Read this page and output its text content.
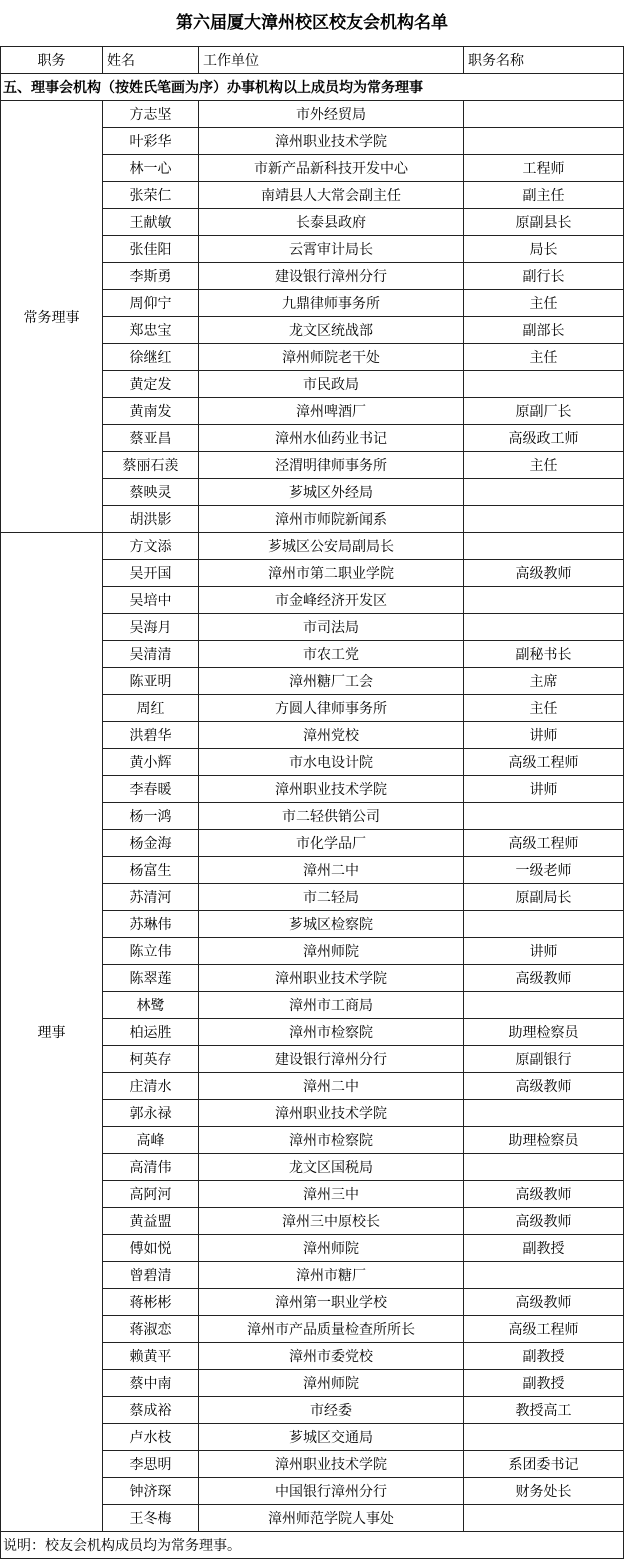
第六届厦大漳州校区校友会机构名单
职务	姓名	工作单位	职务名称
五、理事会机构（按姓氏笔画为序）办事机构以上成员均为常务理事			
常务理事	方志坚	市外经贸局	
	叶彩华	漳州职业技术学院	
	林一心	市新产品新科技开发中心	工程师
	张荣仁	南靖县人大常会副主任	副主任
	王献敏	长泰县政府	原副县长
	张佳阳	云霄审计局长	局长
	李斯勇	建设银行漳州分行	副行长
	周仰宁	九鼎律师事务所	主任
	郑忠宝	龙文区统战部	副部长
	徐继红	漳州师院老干处	主任
	黄定发	市民政局	
	黄南发	漳州啤酒厂	原副厂长
	蔡亚昌	漳州水仙药业书记	高级政工师
	蔡丽石羡	泾渭明律师事务所	主任
	蔡映灵	芗城区外经局	
	胡洪影	漳州市师院新闻系	
理事	方文添	芗城区公安局副局长	
	吴开国	漳州市第二职业学院	高级教师
	吴培中	市金峰经济开发区	
	吴海月	市司法局	
	吴清清	市农工党	副秘书长
	陈亚明	漳州糖厂工会	主席
	周红	方圆人律师事务所	主任
	洪碧华	漳州党校	讲师
	黄小辉	市水电设计院	高级工程师
	李春暖	漳州职业技术学院	讲师
	杨一鸿	市二轻供销公司	
	杨金海	市化学品厂	高级工程师
	杨富生	漳州二中	一级老师
	苏清河	市二轻局	原副局长
	苏琳伟	芗城区检察院	
	陈立伟	漳州师院	讲师
	陈翠莲	漳州职业技术学院	高级教师
	林鹭	漳州市工商局	
	柏运胜	漳州市检察院	助理检察员
	柯英存	建设银行漳州分行	原副银行
	庄清水	漳州二中	高级教师
	郭永禄	漳州职业技术学院	
	高峰	漳州市检察院	助理检察员
	高清伟	龙文区国税局	
	高阿河	漳州三中	高级教师
	黄益盟	漳州三中原校长	高级教师
	傅如悦	漳州师院	副教授
	曾碧清	漳州市糖厂	
	蒋彬彬	漳州第一职业学校	高级教师
	蒋淑恋	漳州市产品质量检查所所长	高级工程师
	赖黄平	漳州市委党校	副教授
	蔡中南	漳州师院	副教授
	蔡成裕	市经委	教授高工
	卢水枝	芗城区交通局	
	李思明	漳州职业技术学院	系团委书记
	钟济琛	中国银行漳州分行	财务处长
	王冬梅	漳州师范学院人事处	
说明：校友会机构成员均为常务理事。			
